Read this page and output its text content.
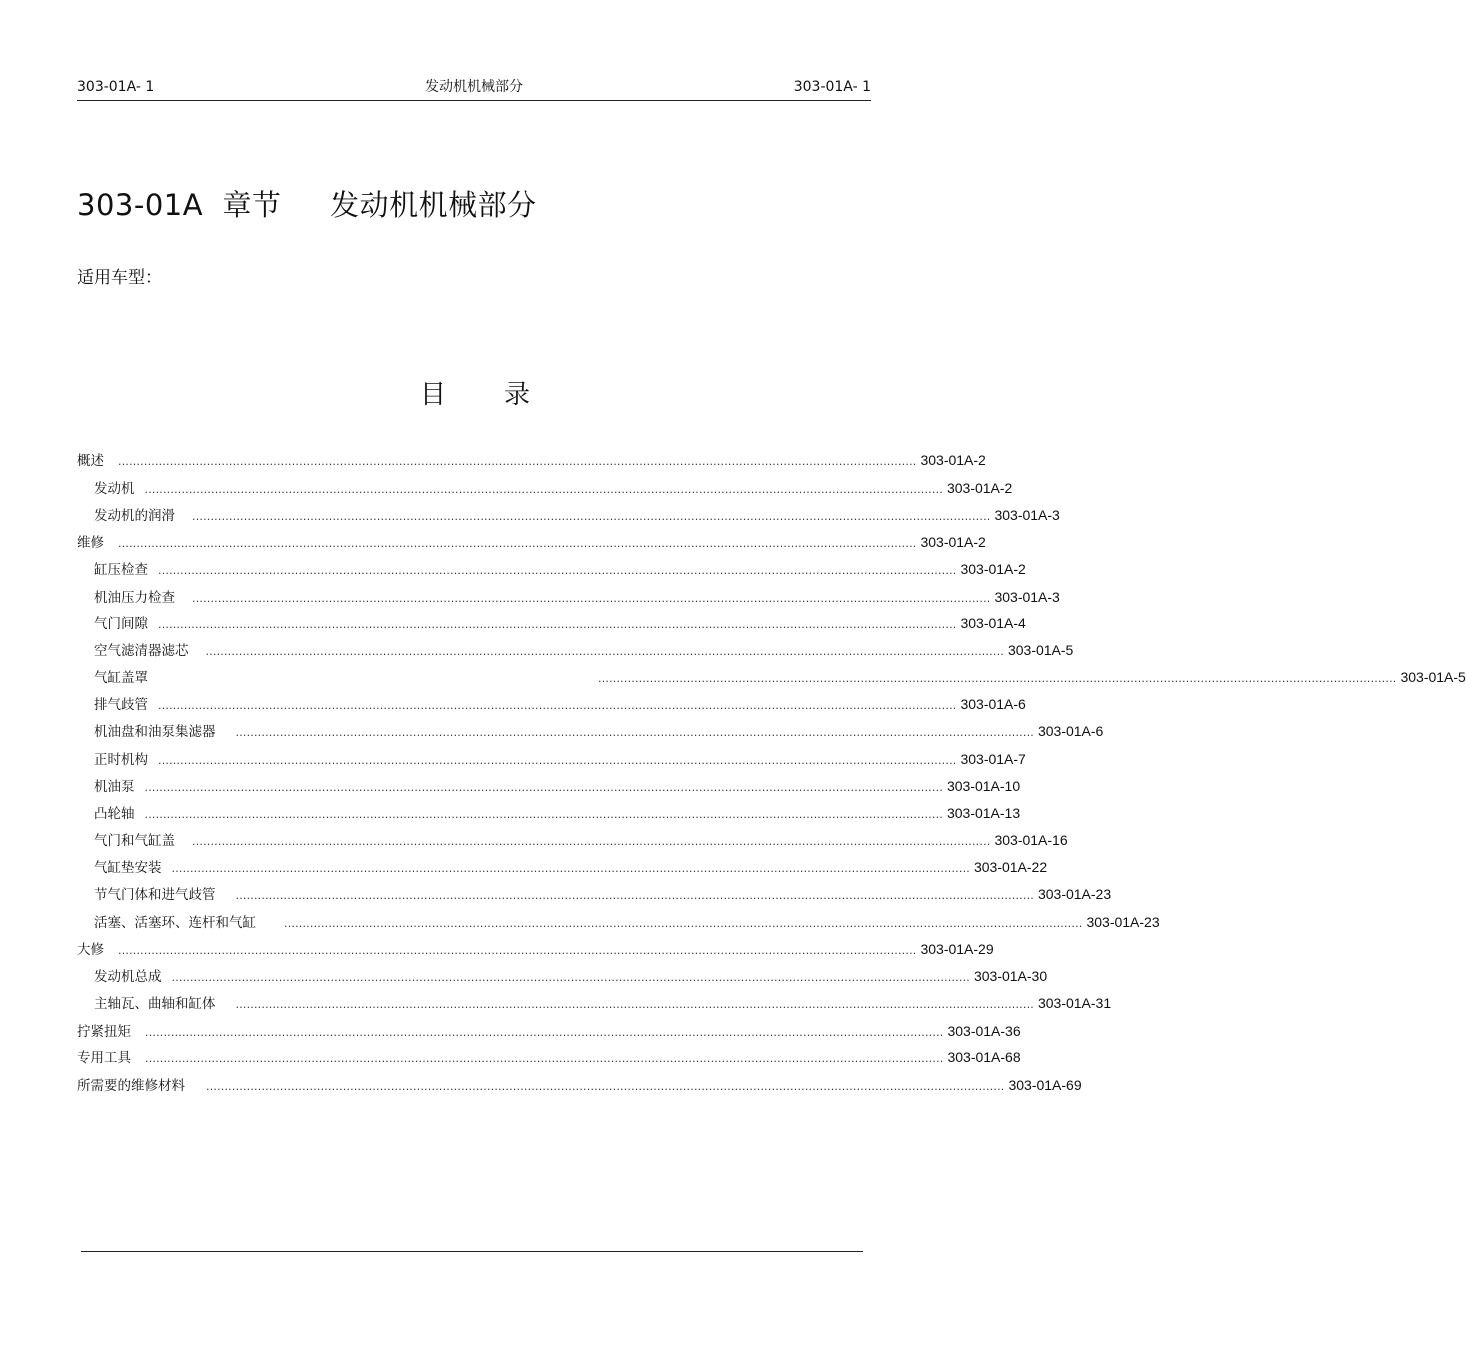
303-01A- 1	发动机机械部分	303-01A- 1
303-01A  章节     发动机机械部分
适用车型：
目 录
概述 ........................................................................................................................................................................................................................ 303-01A-2
发动机 ........................................................................................................................................................................................................................ 303-01A-2
发动机的润滑 ........................................................................................................................................................................................................................ 303-01A-3
维修 ........................................................................................................................................................................................................................ 303-01A-2
缸压检查 ........................................................................................................................................................................................................................ 303-01A-2
机油压力检查 ........................................................................................................................................................................................................................ 303-01A-3
气门间隙 ........................................................................................................................................................................................................................ 303-01A-4
空气滤清器滤芯 ........................................................................................................................................................................................................................ 303-01A-5
气缸盖罩	........................................................................................................................................................................................................................ 303-01A-5
排气歧管 ........................................................................................................................................................................................................................ 303-01A-6
机油盘和油泵集滤器 ........................................................................................................................................................................................................................ 303-01A-6
正时机构 ........................................................................................................................................................................................................................ 303-01A-7
机油泵 ........................................................................................................................................................................................................................ 303-01A-10
凸轮轴 ........................................................................................................................................................................................................................ 303-01A-13
气门和气缸盖 ........................................................................................................................................................................................................................ 303-01A-16
气缸垫安装 ........................................................................................................................................................................................................................ 303-01A-22
节气门体和进气歧管 ........................................................................................................................................................................................................................ 303-01A-23
活塞、活塞环、连杆和气缸	........................................................................................................................................................................................................................ 303-01A-23
大修 ........................................................................................................................................................................................................................ 303-01A-29
发动机总成 ........................................................................................................................................................................................................................ 303-01A-30
主轴瓦、曲轴和缸体 ........................................................................................................................................................................................................................ 303-01A-31
拧紧扭矩 ........................................................................................................................................................................................................................ 303-01A-36
专用工具 ........................................................................................................................................................................................................................ 303-01A-68
所需要的维修材料 ........................................................................................................................................................................................................................ 303-01A-69
